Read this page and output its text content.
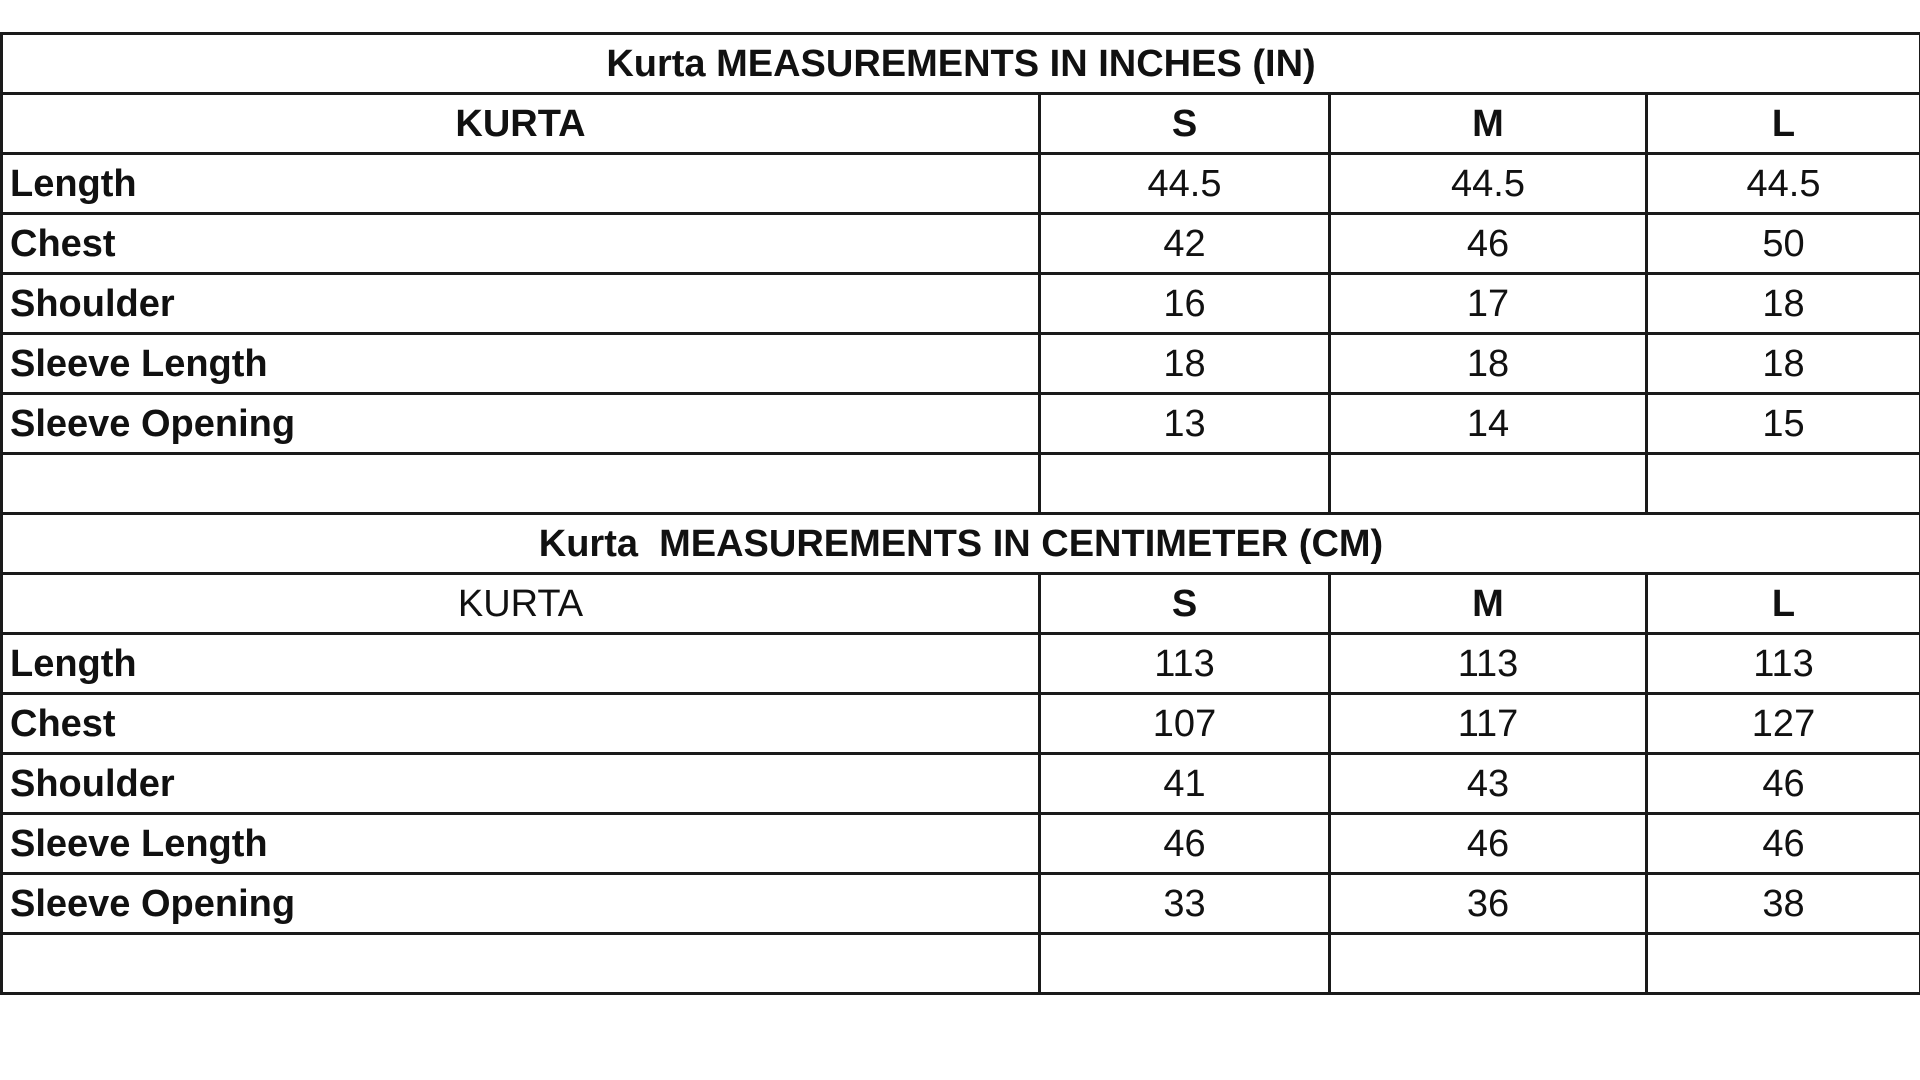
Kurta MEASUREMENTS IN INCHES (IN)			
KURTA	S	M	L
Length	44.5	44.5	44.5
Chest	42	46	50
Shoulder	16	17	18
Sleeve Length	18	18	18
Sleeve Opening	13	14	15

Kurta  MEASUREMENTS IN CENTIMETER (CM)			
KURTA	S	M	L
Length	113	113	113
Chest	107	117	127
Shoulder	41	43	46
Sleeve Length	46	46	46
Sleeve Opening	33	36	38
